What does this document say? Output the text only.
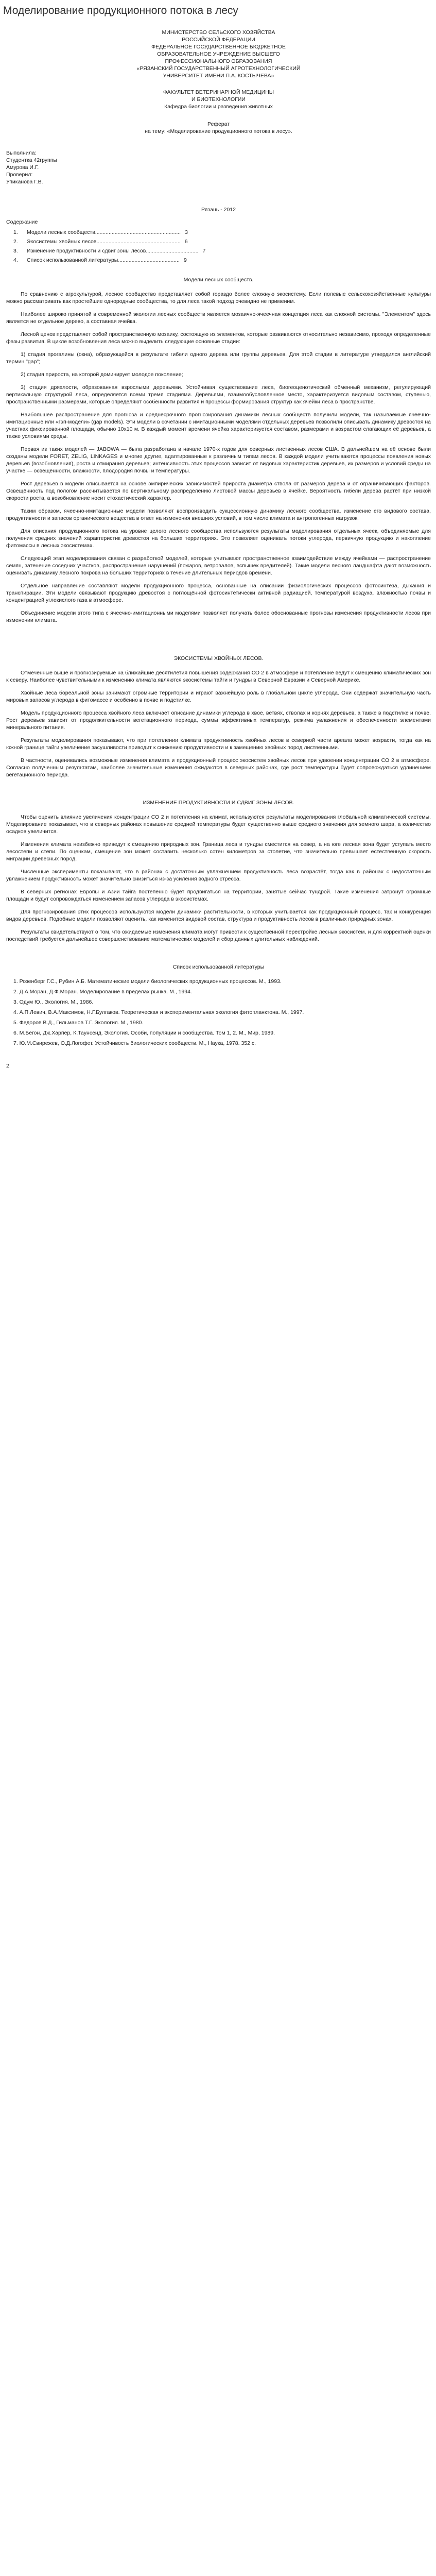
Моделирование продукционного потока в лесу
МИНИСТЕРСТВО СЕЛЬСКОГО ХОЗЯЙСТВА
РОССИЙСКОЙ ФЕДЕРАЦИИ
ФЕДЕРАЛЬНОЕ ГОСУДАРСТВЕННОЕ БЮДЖЕТНОЕ
ОБРАЗОВАТЕЛЬНОЕ УЧРЕЖДЕНИЕ ВЫСШЕГО
ПРОФЕССИОНАЛЬНОГО ОБРАЗОВАНИЯ
«РЯЗАНСКИЙ ГОСУДАРСТВЕННЫЙ АГРОТЕХНОЛОГИЧЕСКИЙ
УНИВЕРСИТЕТ ИМЕНИ П.А. КОСТЫЧЕВА»
ФАКУЛЬТЕТ ВЕТЕРИНАРНОЙ МЕДИЦИНЫ
И БИОТЕХНОЛОГИИ
Кафедра биологии и разведения животных
Реферат
на тему: «Моделирование продукционного потока в лесу».
Выполнила:
Студентка 42группы
Амурова И.Г.
Проверил:
Упиканова Г.В.
Рязань - 2012
Содержание
1.	Модели лесных сообществ......................................................... 3
2.	Экосистемы хвойных лесов........................................................ 6
3.	Изменение продуктивности и сдвиг зоны лесов................................... 7
4.	Список использованной литературы......................................... 9
Модели лесных сообществ.

По сравнению с агрокультурой, лесное сообщество представляет собой гораздо более сложную экосистему. Если полевые сельскохозяйственные культуры можно рассматривать как простейшие однородные сообщества, то для леса такой подход очевидно не применим.

Наиболее широко принятой в современной экологии лесных сообществ является мозаично-ячеечная концепция леса как сложной системы. "Элементом" здесь является не отдельное дерево, а составная ячейка.

Лесной ценоз представляет собой пространственную мозаику, состоящую из элементов, которые развиваются относительно независимо, проходя определенные фазы развития. В цикле возобновления леса можно выделить следующие основные стадии:

1) стадия прогалины (окна), образующейся в результате гибели одного дерева или группы деревьев. Для этой стадии в литературе утвердился английский термин "gap";

2) стадия прироста, на которой доминирует молодое поколение;

3) стадия дряхлости, образованная взрослыми деревьями. Устойчивая существование леса, биогеоценотический обменный механизм, регулирующий вертикальную структурой леса, определяется всеми тремя стадиями. Деревьями, взаимообусловленное место, характеризуется видовым составом, ступенью, пространственными размерами, которые определяют особенности развития и процессы формирования структур как ячейки леса в пространстве.

Наибольшее распространение для прогноза и среднесрочного прогнозирования динамики лесных сообществ получили модели, так называемые ячеечно-имитационные или «гэп-модели» (gap models). Эти модели в сочетании с имитационными моделями отдельных деревьев позволили описывать динамику древостоя на участках фиксированной площади, обычно 10х10 м. В каждый момент времени ячейка характеризуется составом, размерами и возрастом слагающих её деревьев, а также условиями среды.

Первая из таких моделей — JABOWA — была разработана в начале 1970-х годов для северных лиственных лесов США. В дальнейшем на её основе были созданы модели FORET, ZELIG, LINKAGES и многие другие, адаптированные к различным типам лесов. В каждой модели учитываются процессы появления новых деревьев (возобновления), роста и отмирания деревьев; интенсивность этих процессов зависит от видовых характеристик деревьев, их размеров и условий среды на участке — освещённости, влажности, плодородия почвы и температуры.

Рост деревьев в модели описывается на основе эмпирических зависимостей прироста диаметра ствола от размеров дерева и от ограничивающих факторов. Освещённость под пологом рассчитывается по вертикальному распределению листовой массы деревьев в ячейке. Вероятность гибели дерева растёт при низкой скорости роста, а возобновление носит стохастический характер.

Таким образом, ячеечно-имитационные модели позволяют воспроизводить сукцессионную динамику лесного сообщества, изменение его видового состава, продуктивности и запасов органического вещества в ответ на изменения внешних условий, в том числе климата и антропогенных нагрузок.

Для описания продукционного потока на уровне целого лесного сообщества используются результаты моделирования отдельных ячеек, объединяемые для получения средних значений характеристик древостоя на больших территориях. Это позволяет оценивать потоки углерода, первичную продукцию и накопление фитомассы в лесных экосистемах.

Следующий этап моделирования связан с разработкой моделей, которые учитывают пространственное взаимодействие между ячейками — распространение семян, затенение соседних участков, распространение нарушений (пожаров, ветровалов, вспышек вредителей). Такие модели лесного ландшафта дают возможность оценивать динамику лесного покрова на больших территориях в течение длительных периодов времени.

Отдельное направление составляют модели продукционного процесса, основанные на описании физиологических процессов фотосинтеза, дыхания и транспирации. Эти модели связывают продукцию древостоя с поглощённой фотосинтетически активной радиацией, температурой воздуха, влажностью почвы и концентрацией углекислого газа в атмосфере.

Объединение модели этого типа с ячеечно-имитационными моделями позволяет получать более обоснованные прогнозы изменения продуктивности лесов при изменении климата.

ЭКОСИСТЕМЫ ХВОЙНЫХ ЛЕСОВ.

Отмеченные выше и прогнозируемые на ближайшие десятилетия повышения содержания СО 2 в атмосфере и потепление ведут к смещению климатических зон к северу. Наиболее чувствительными к изменению климата являются экосистемы тайги и тундры в Северной Евразии и Северной Америке.

Хвойные леса бореальной зоны занимают огромные территории и играют важнейшую роль в глобальном цикле углерода. Они содержат значительную часть мировых запасов углерода в фитомассе и особенно в почве и подстилке.

Модель продукционного процесса хвойного леса включает описание динамики углерода в хвое, ветвях, стволах и корнях деревьев, а также в подстилке и почве. Рост деревьев зависит от продолжительности вегетационного периода, суммы эффективных температур, режима увлажнения и обеспеченности элементами минерального питания.

Результаты моделирования показывают, что при потеплении климата продуктивность хвойных лесов в северной части ареала может возрасти, тогда как на южной границе тайги увеличение засушливости приводит к снижению продуктивности и к замещению хвойных пород лиственными.

В частности, оценивались возможные изменения климата и продукционный процесс экосистем хвойных лесов при удвоении концентрации СО 2 в атмосфере. Согласно полученным результатам, наиболее значительные изменения ожидаются в северных районах, где рост температуры будет сопровождаться удлинением вегетационного периода.

ИЗМЕНЕНИЕ ПРОДУКТИВНОСТИ И СДВИГ ЗОНЫ ЛЕСОВ.

Чтобы оценить влияние увеличения концентрации СО 2 и потепления на климат, используются результаты моделирования глобальной климатической системы. Моделирование показывает, что в северных районах повышение средней температуры будет существенно выше среднего значения для земного шара, а количество осадков увеличится.

Изменения климата неизбежно приведут к смещению природных зон. Граница леса и тундры сместится на север, а на юге лесная зона будет уступать место лесостепи и степи. По оценкам, смещение зон может составить несколько сотен километров за столетие, что значительно превышает естественную скорость миграции древесных пород.

Численные эксперименты показывают, что в районах с достаточным увлажнением продуктивность леса возрастёт, тогда как в районах с недостаточным увлажнением продуктивность может значительно снизиться из-за усиления водного стресса.

В северных регионах Европы и Азии тайга постепенно будет продвигаться на территории, занятые сейчас тундрой. Такие изменения затронут огромные площади и будут сопровождаться изменением запасов углерода в экосистемах.

Для прогнозирования этих процессов используются модели динамики растительности, в которых учитывается как продукционный процесс, так и конкуренция видов деревьев. Подобные модели позволяют оценить, как изменится видовой состав, структура и продуктивность лесов в различных природных зонах.

Результаты свидетельствуют о том, что ожидаемые изменения климата могут привести к существенной перестройке лесных экосистем, и для корректной оценки последствий требуется дальнейшее совершенствование математических моделей и сбор данных длительных наблюдений.

Список использованной литературы

1. Розенберг Г.С., Рубин А.Б. Математические модели биологических продукционных процессов. М., 1993.

2. Д.А.Моран, Д.Ф.Моран. Моделирование в пределах рынка. М., 1994.

3. Одум Ю., Экология. М., 1986.

4. А.П.Левич, В.А.Максимов, Н.Г.Булгаков. Теоретическая и экспериментальная экология фитопланктона. М., 1997.

5. Федоров В.Д., Гильманов Т.Г. Экология. М., 1980.

6. М.Бегон, Дж.Харпер, К.Таунсенд. Экология. Особи, популяции и сообщества. Том 1, 2. М., Мир, 1989.

7. Ю.М.Свирежев, О.Д.Логофет. Устойчивость биологических сообществ. М., Наука, 1978. 352 с.

2
